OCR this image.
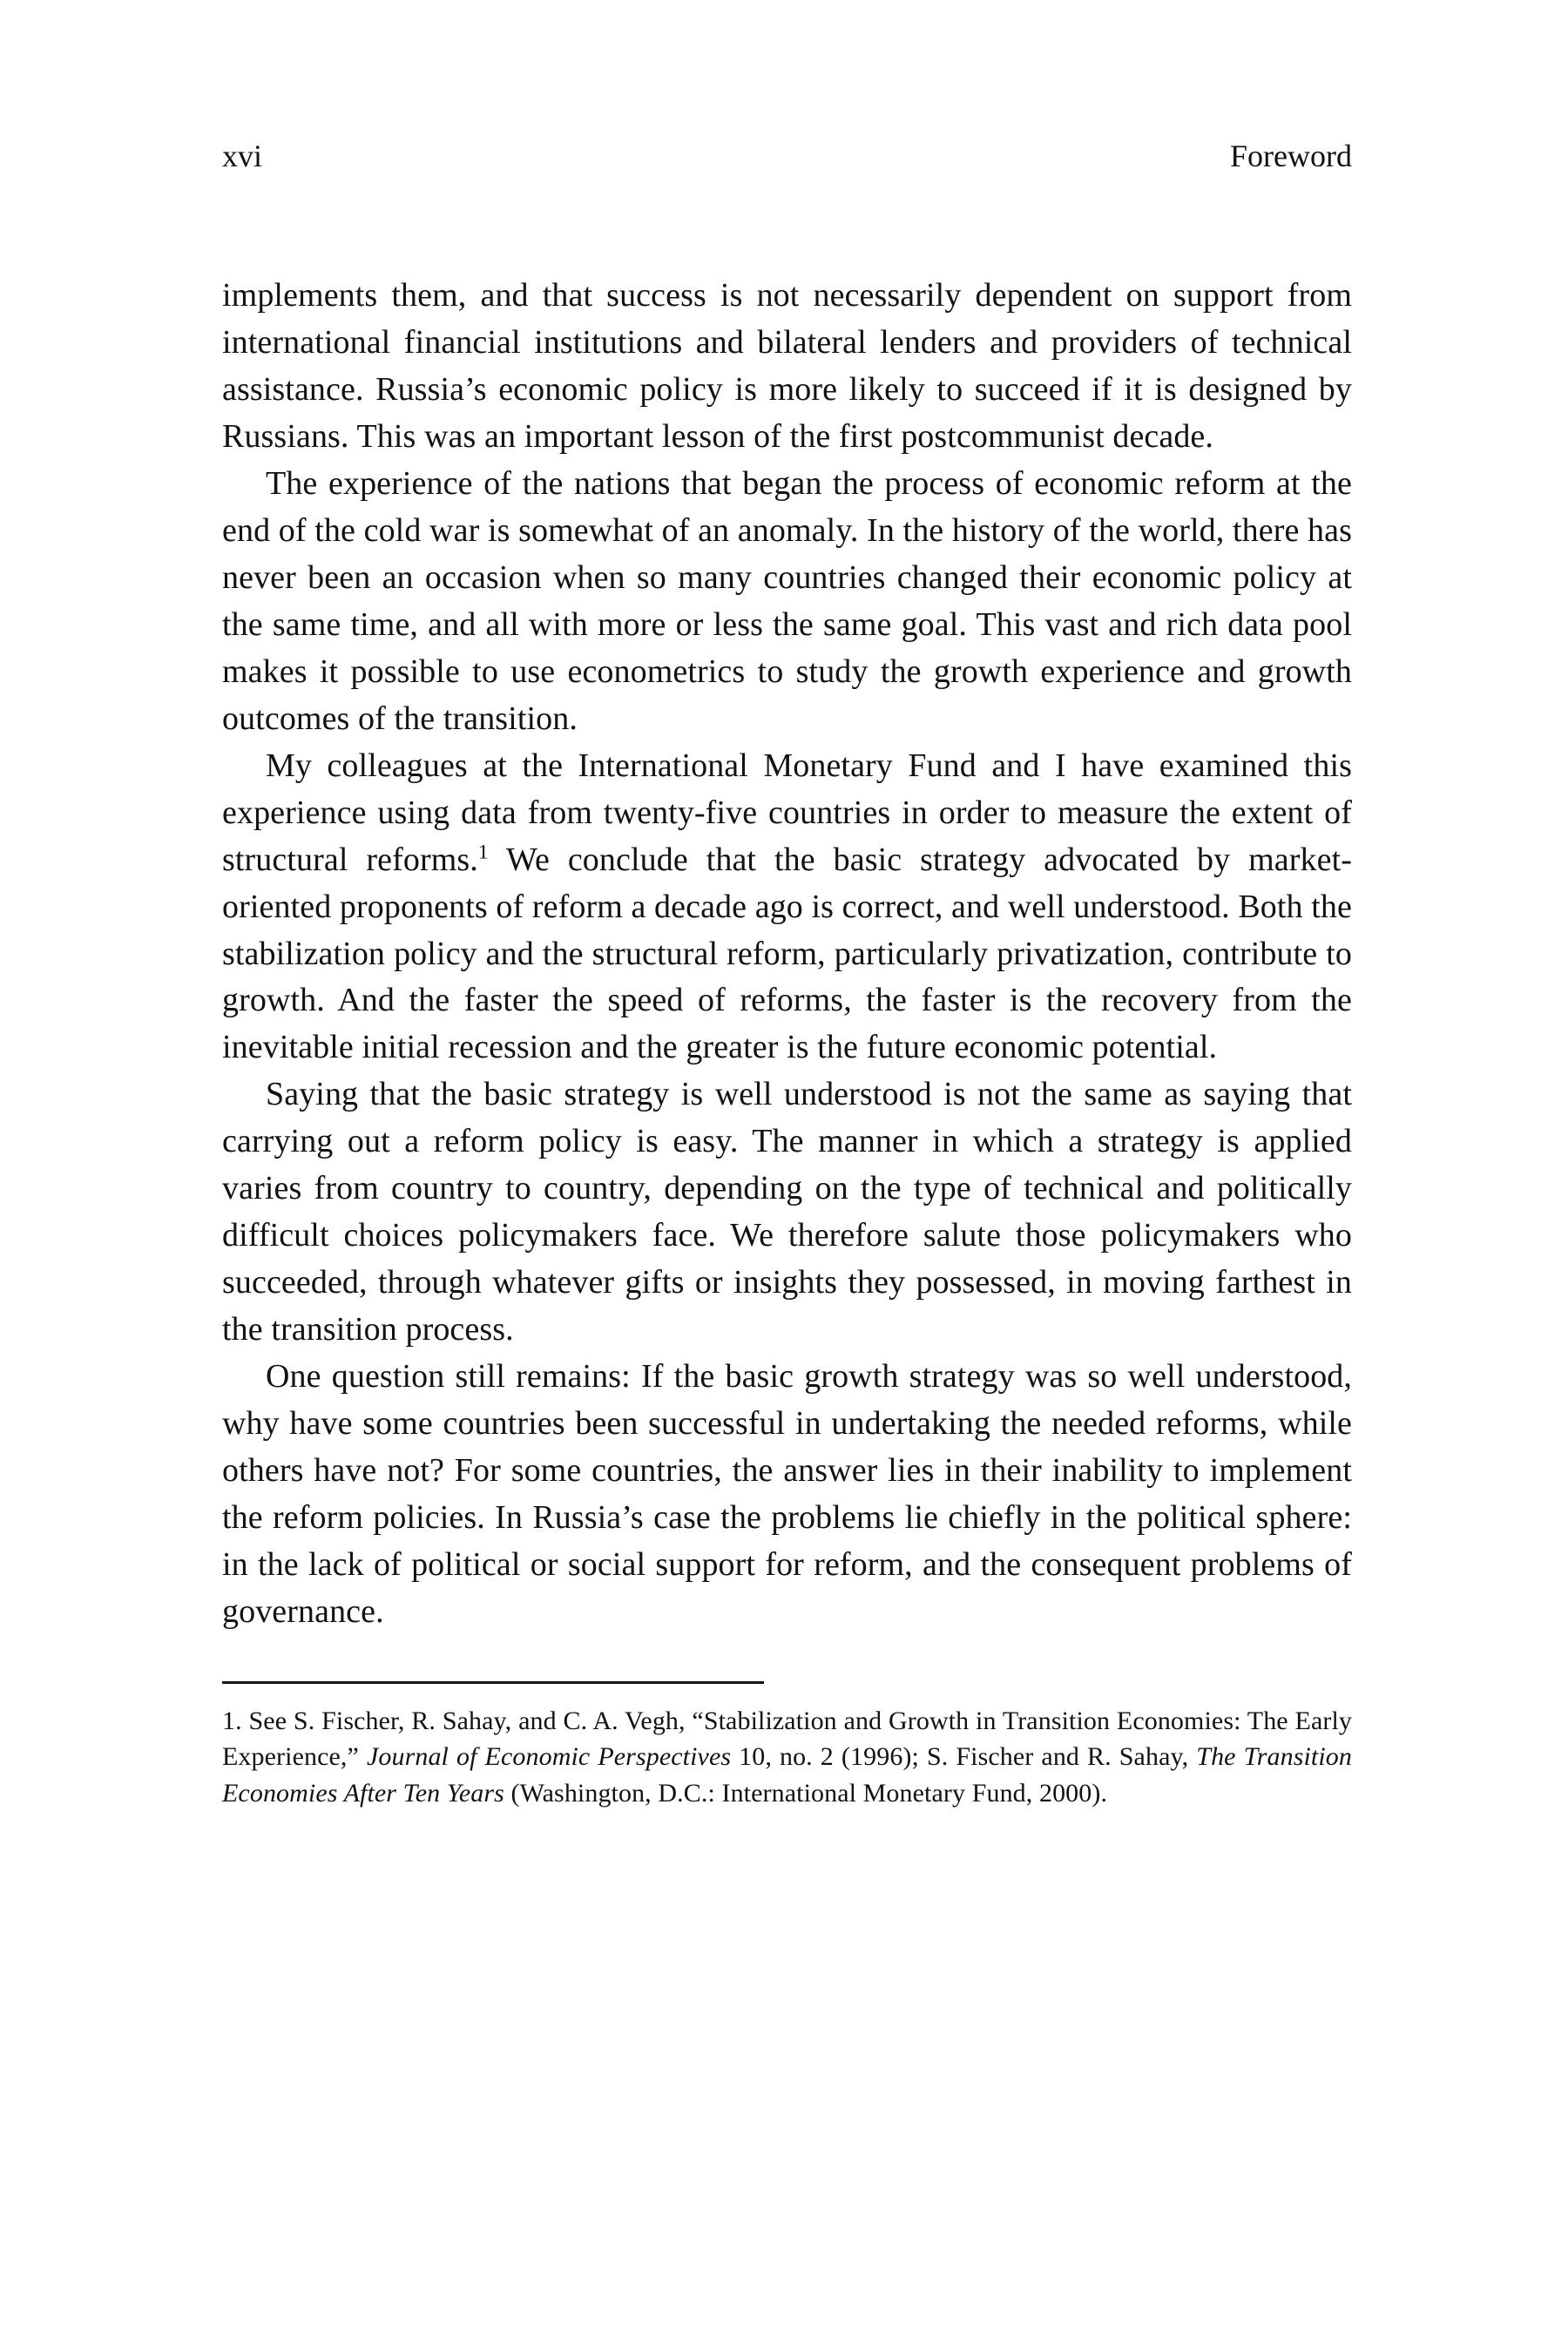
xvi	Foreword

implements them, and that success is not necessarily dependent on support from international financial institutions and bilateral lenders and providers of technical assistance. Russia’s economic policy is more likely to succeed if it is designed by Russians. This was an important lesson of the first postcommunist decade.

The experience of the nations that began the process of economic reform at the end of the cold war is somewhat of an anomaly. In the history of the world, there has never been an occasion when so many countries changed their economic policy at the same time, and all with more or less the same goal. This vast and rich data pool makes it possible to use econometrics to study the growth experience and growth outcomes of the transition.

My colleagues at the International Monetary Fund and I have examined this experience using data from twenty-five countries in order to measure the extent of structural reforms.$^1$ We conclude that the basic strategy advocated by market-oriented proponents of reform a decade ago is correct, and well understood. Both the stabilization policy and the structural reform, particularly privatization, contribute to growth. And the faster the speed of reforms, the faster is the recovery from the inevitable initial recession and the greater is the future economic potential.

Saying that the basic strategy is well understood is not the same as saying that carrying out a reform policy is easy. The manner in which a strategy is applied varies from country to country, depending on the type of technical and politically difficult choices policymakers face. We therefore salute those policymakers who succeeded, through whatever gifts or insights they possessed, in moving farthest in the transition process.

One question still remains: If the basic growth strategy was so well understood, why have some countries been successful in undertaking the needed reforms, while others have not? For some countries, the answer lies in their inability to implement the reform policies. In Russia’s case the problems lie chiefly in the political sphere: in the lack of political or social support for reform, and the consequent problems of governance.

1. See S. Fischer, R. Sahay, and C. A. Vegh, “Stabilization and Growth in Transition Economies: The Early Experience,” Journal of Economic Perspectives 10, no. 2 (1996); S. Fischer and R. Sahay, The Transition Economies After Ten Years (Washington, D.C.: International Monetary Fund, 2000).
